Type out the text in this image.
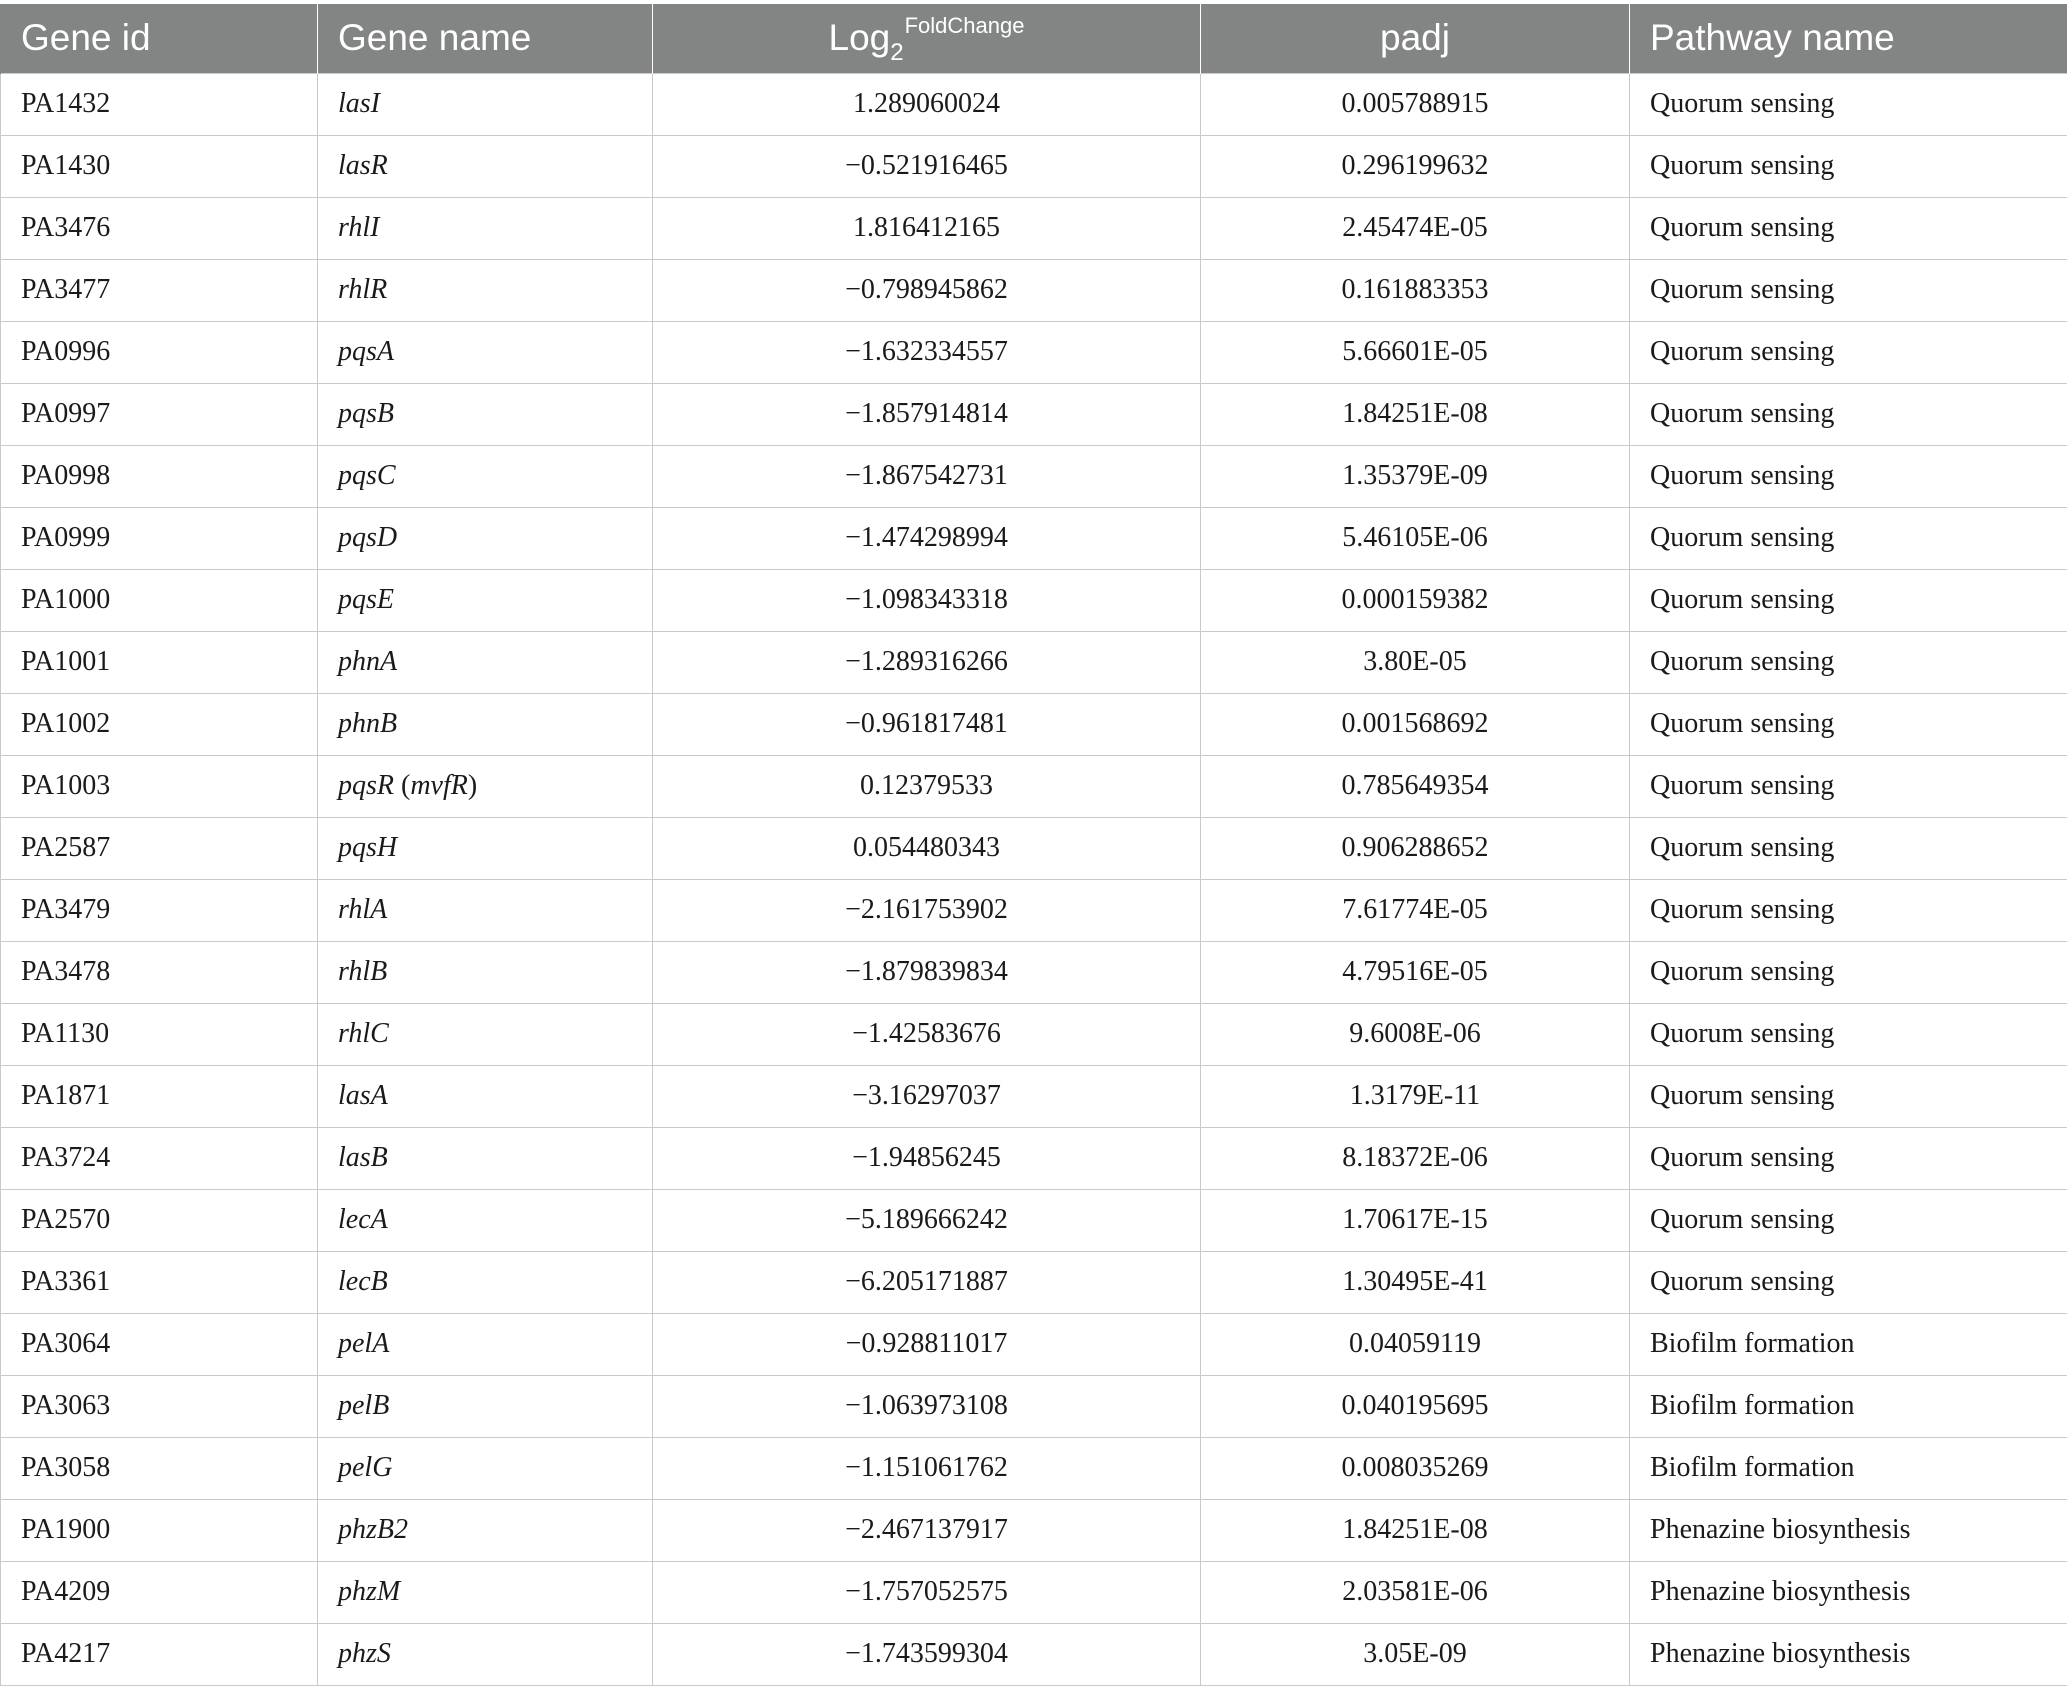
Gene id	Gene name	Log$_2^{FoldChange}$	padj	Pathway name
PA1432	lasI	1.289060024	0.005788915	Quorum sensing
PA1430	lasR	−0.521916465	0.296199632	Quorum sensing
PA3476	rhlI	1.816412165	2.45474E-05	Quorum sensing
PA3477	rhlR	−0.798945862	0.161883353	Quorum sensing
PA0996	pqsA	−1.632334557	5.66601E-05	Quorum sensing
PA0997	pqsB	−1.857914814	1.84251E-08	Quorum sensing
PA0998	pqsC	−1.867542731	1.35379E-09	Quorum sensing
PA0999	pqsD	−1.474298994	5.46105E-06	Quorum sensing
PA1000	pqsE	−1.098343318	0.000159382	Quorum sensing
PA1001	phnA	−1.289316266	3.80E-05	Quorum sensing
PA1002	phnB	−0.961817481	0.001568692	Quorum sensing
PA1003	pqsR (mvfR)	0.12379533	0.785649354	Quorum sensing
PA2587	pqsH	0.054480343	0.906288652	Quorum sensing
PA3479	rhlA	−2.161753902	7.61774E-05	Quorum sensing
PA3478	rhlB	−1.879839834	4.79516E-05	Quorum sensing
PA1130	rhlC	−1.42583676	9.6008E-06	Quorum sensing
PA1871	lasA	−3.16297037	1.3179E-11	Quorum sensing
PA3724	lasB	−1.94856245	8.18372E-06	Quorum sensing
PA2570	lecA	−5.189666242	1.70617E-15	Quorum sensing
PA3361	lecB	−6.205171887	1.30495E-41	Quorum sensing
PA3064	pelA	−0.928811017	0.04059119	Biofilm formation
PA3063	pelB	−1.063973108	0.040195695	Biofilm formation
PA3058	pelG	−1.151061762	0.008035269	Biofilm formation
PA1900	phzB2	−2.467137917	1.84251E-08	Phenazine biosynthesis
PA4209	phzM	−1.757052575	2.03581E-06	Phenazine biosynthesis
PA4217	phzS	−1.743599304	3.05E-09	Phenazine biosynthesis
